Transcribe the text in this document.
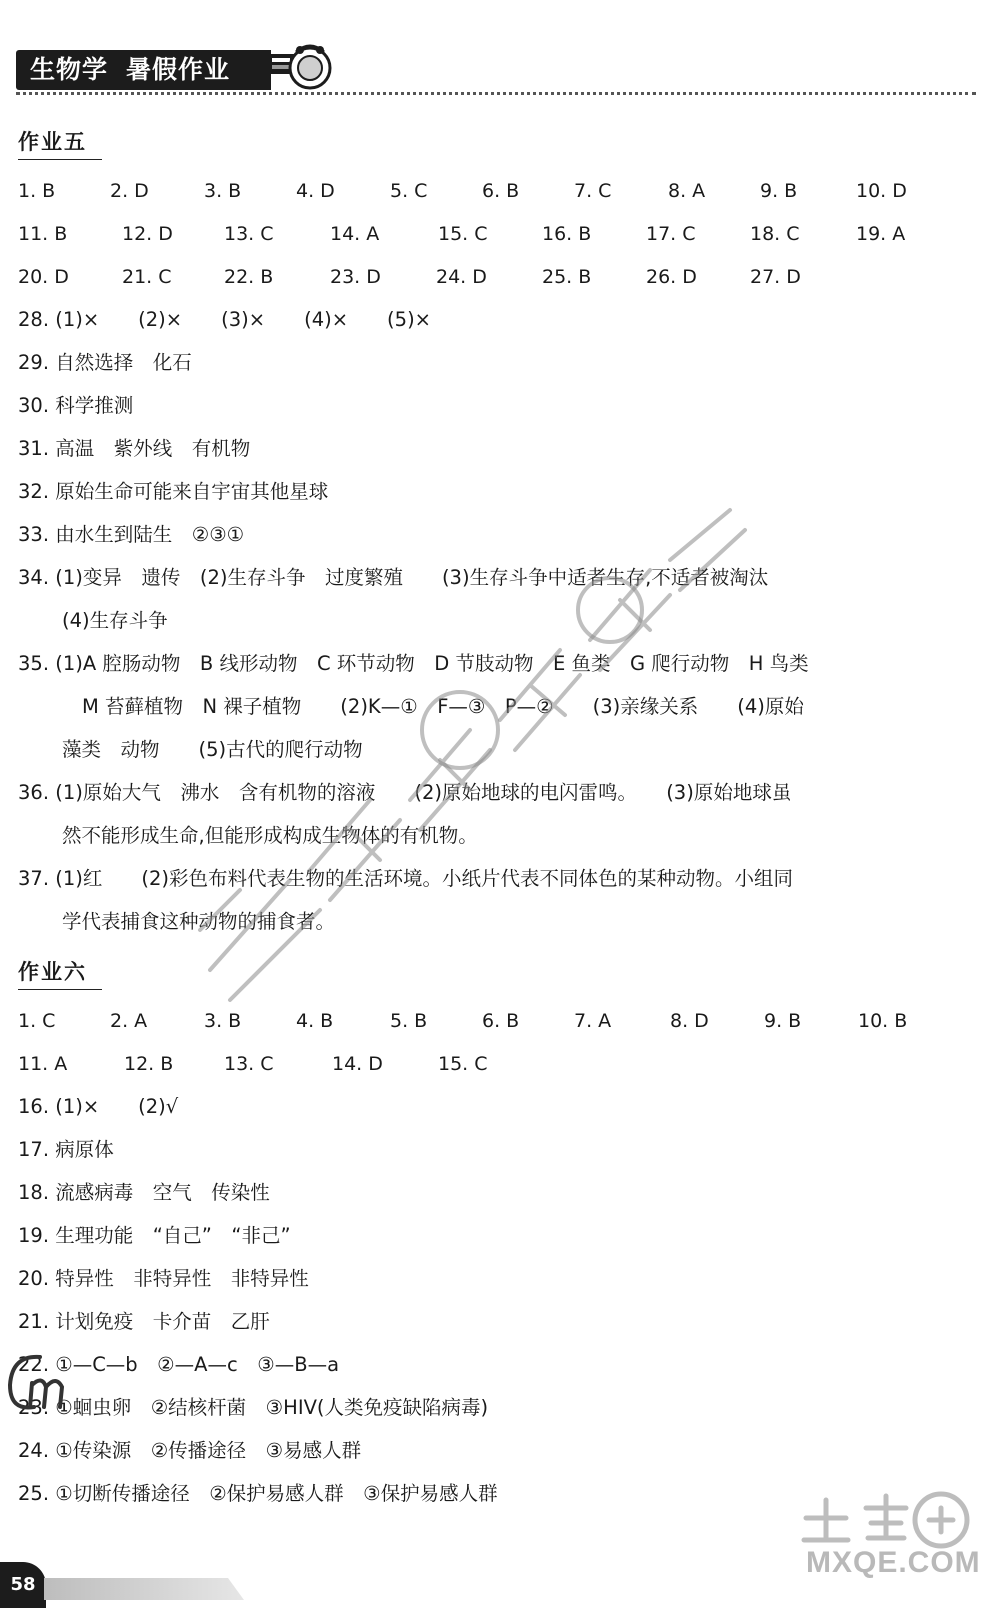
生物学 暑假作业
作业五
1. B	2. D	3. B	4. D	5. C	6. B	7. C	8. A	9. B	10. D
11. B	12. D	13. C	14. A	15. C	16. B	17. C	18. C	19. A
20. D	21. C	22. B	23. D	24. D	25. B	26. D	27. D
28. (1)×　　(2)×　　(3)×　　(4)×　　(5)×
29. 自然选择　化石
30. 科学推测
31. 高温　紫外线　有机物
32. 原始生命可能来自宇宙其他星球
33. 由水生到陆生　②③①
34. (1)变异　遗传　(2)生存斗争　过度繁殖　　(3)生存斗争中适者生存,不适者被淘汰
(4)生存斗争
35. (1)A 腔肠动物　B 线形动物　C 环节动物　D 节肢动物　E 鱼类　G 爬行动物　H 鸟类
M 苔藓植物　N 裸子植物　　(2)K—①　F—③　P—②　　(3)亲缘关系　　(4)原始
藻类　动物　　(5)古代的爬行动物
36. (1)原始大气　沸水　含有机物的溶液　　(2)原始地球的电闪雷鸣。　　(3)原始地球虽
然不能形成生命,但能形成构成生物体的有机物。
37. (1)红　　(2)彩色布料代表生物的生活环境。小纸片代表不同体色的某种动物。小组同
学代表捕食这种动物的捕食者。
作业六
1. C	2. A	3. B	4. B	5. B	6. B	7. A	8. D	9. B	10. B
11. A	12. B	13. C	14. D	15. C
16. (1)×　　(2)√
17. 病原体
18. 流感病毒　空气　传染性
19. 生理功能　“自己”　“非己”
20. 特异性　非特异性　非特异性
21. 计划免疫　卡介苗　乙肝
22. ①—C—b　②—A—c　③—B—a
23. ①蛔虫卵　②结核杆菌　③HIV(人类免疫缺陷病毒)
24. ①传染源　②传播途径　③易感人群
25. ①切断传播途径　②保护易感人群　③保护易感人群
58
MXQE.COM
